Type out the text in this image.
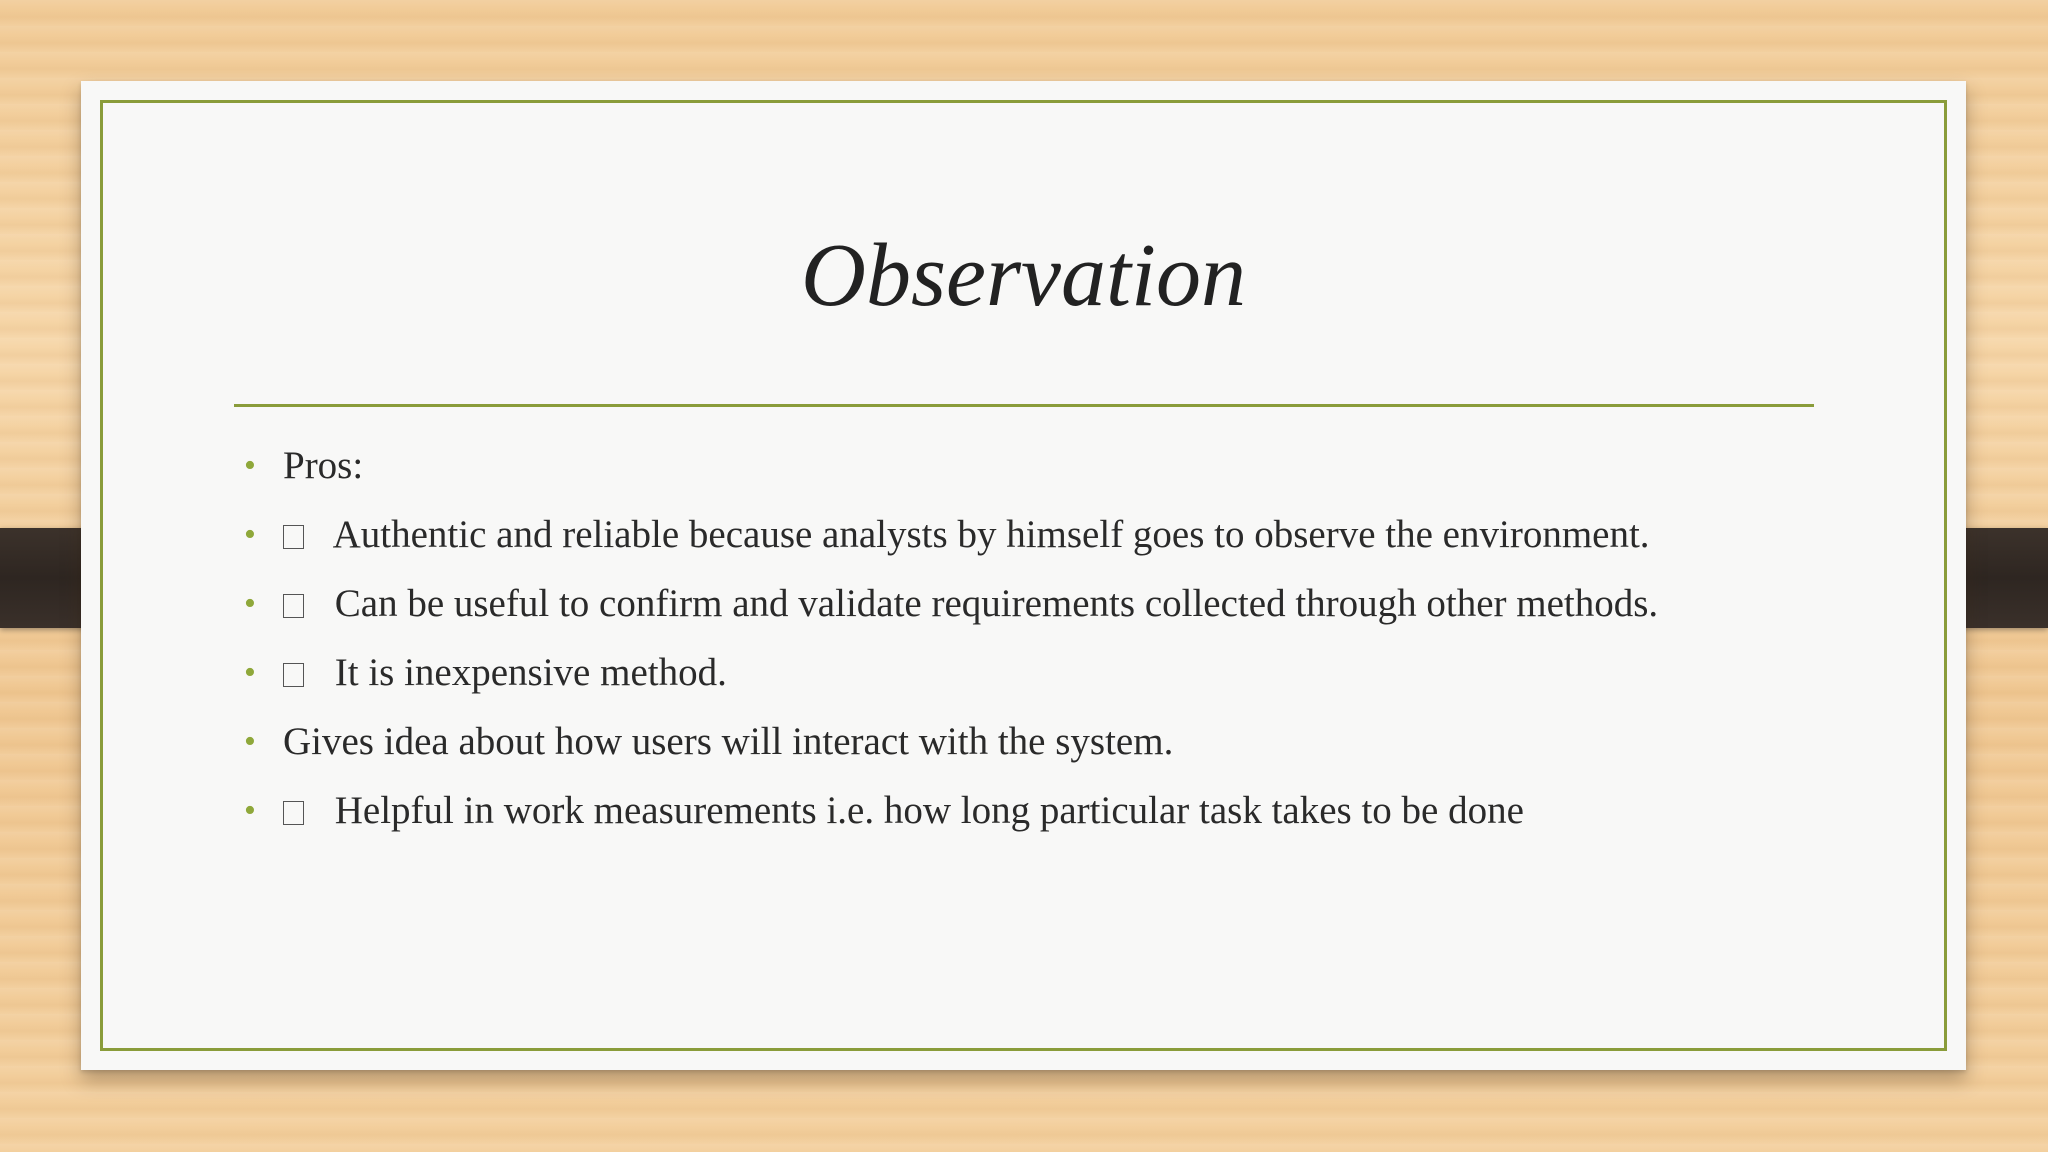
Observation
• Pros:
• Authentic and reliable because analysts by himself goes to observe the environment.
• Can be useful to confirm and validate requirements collected through other methods.
• It is inexpensive method.
• Gives idea about how users will interact with the system.
• Helpful in work measurements i.e. how long particular task takes to be done
